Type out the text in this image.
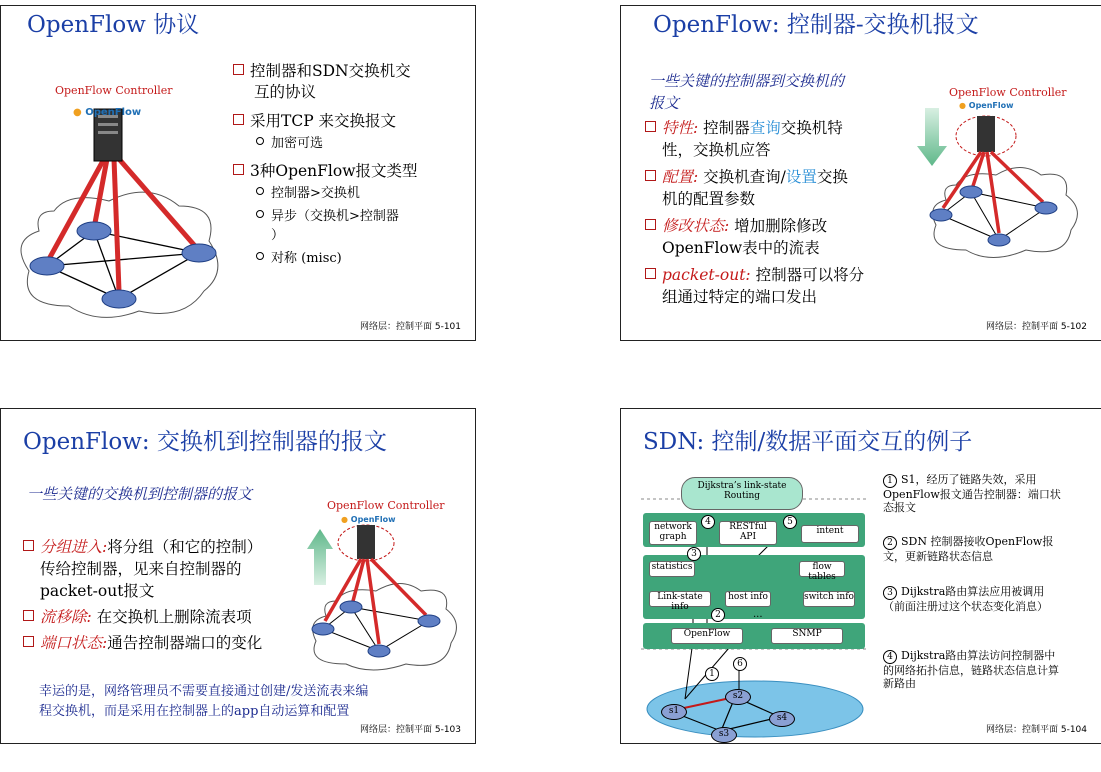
OpenFlow 协议
OpenFlow Controller
● OpenFlow
控制器和SDN交换机交
互的协议
采用TCP 来交换报文
加密可选
3种OpenFlow报文类型
控制器>交换机
异步（交换机>控制器
）
对称 (misc)
网络层：控制平面 5-101
OpenFlow: 控制器-交换机报文
一些关键的控制器到交换机的
报文
特性: 控制器查询交换机特
性，交换机应答
配置: 交换机查询/设置交换
机的配置参数
修改状态: 增加删除修改
OpenFlow表中的流表
packet-out: 控制器可以将分
组通过特定的端口发出
OpenFlow Controller
● OpenFlow
网络层：控制平面 5-102
OpenFlow: 交换机到控制器的报文
一些关键的交换机到控制器的报文
分组进入:将分组（和它的控制）
传给控制器，见来自控制器的
packet-out报文
流移除: 在交换机上删除流表项
端口状态:通告控制器端口的变化
OpenFlow Controller
● OpenFlow
幸运的是，网络管理员不需要直接通过创建/发送流表来编
程交换机，而是采用在控制器上的app自动运算和配置
网络层：控制平面 5-103
SDN: 控制/数据平面交互的例子
Dijkstra’s link-state Routing
network graph
RESTful API
intent
statistics	flow tables
Link-state info
host info	switch info
OpenFlow	SNMP
...
4	5
3
2
1
6
s1
s2
s4
s3
1 S1，经历了链路失效，采用OpenFlow报文通告控制器：端口状态报文
2 SDN 控制器接收OpenFlow报文，更新链路状态信息
3 Dijkstra路由算法应用被调用（前面注册过这个状态变化消息）
4 Dijkstra路由算法访问控制器中的网络拓扑信息，链路状态信息计算新路由
网络层：控制平面 5-104
